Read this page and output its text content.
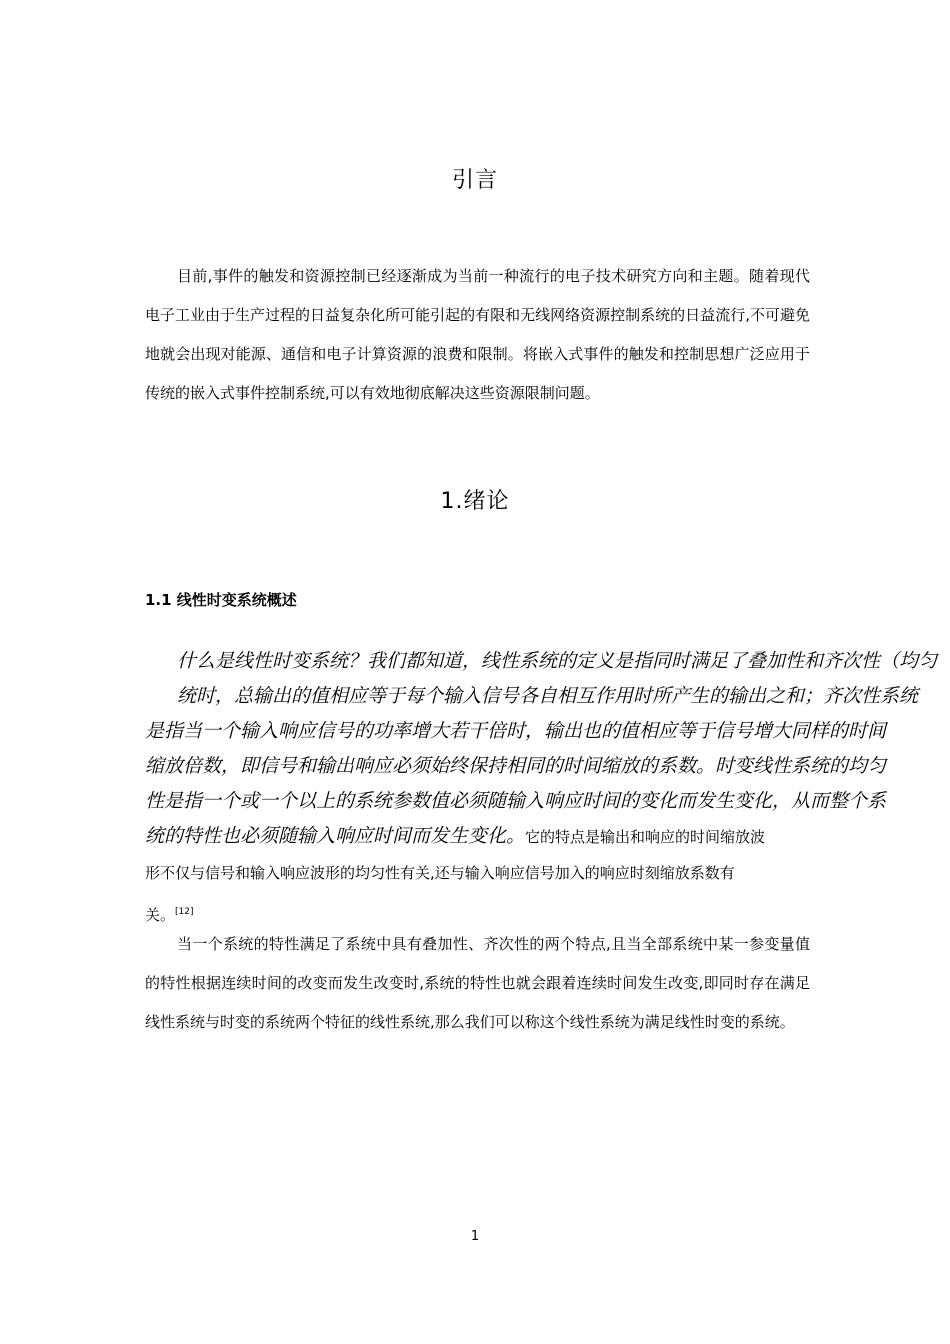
引言
目前,事件的触发和资源控制已经逐渐成为当前一种流行的电子技术研究方向和主题。随着现代电子工业由于生产过程的日益复杂化所可能引起的有限和无线网络资源控制系统的日益流行,不可避免地就会出现对能源、通信和电子计算资源的浪费和限制。将嵌入式事件的触发和控制思想广泛应用于传统的嵌入式事件控制系统,可以有效地彻底解决这些资源限制问题。
1.绪论
1.1 线性时变系统概述
什么是线性时变系统？我们都知道，线性系统的定义是指同时满足了叠加性和齐次性（均匀
统时，总输出的值相应等于每个输入信号各自相互作用时所产生的输出之和；齐次性系统
是指当一个输入响应信号的功率增大若干倍时，输出也的值相应等于信号增大同样的时间
缩放倍数，即信号和输出响应必须始终保持相同的时间缩放的系数。时变线性系统的均匀
性是指一个或一个以上的系统参数值必须随输入响应时间的变化而发生变化，从而整个系
统的特性也必须随输入响应时间而发生变化。它的特点是输出和响应的时间缩放波
形不仅与信号和输入响应波形的均匀性有关,还与输入响应信号加入的响应时刻缩放系数有
关。[12]
当一个系统的特性满足了系统中具有叠加性、齐次性的两个特点,且当全部系统中某一参变量值的特性根据连续时间的改变而发生改变时,系统的特性也就会跟着连续时间发生改变,即同时存在满足线性系统与时变的系统两个特征的线性系统,那么我们可以称这个线性系统为满足线性时变的系统。
1
